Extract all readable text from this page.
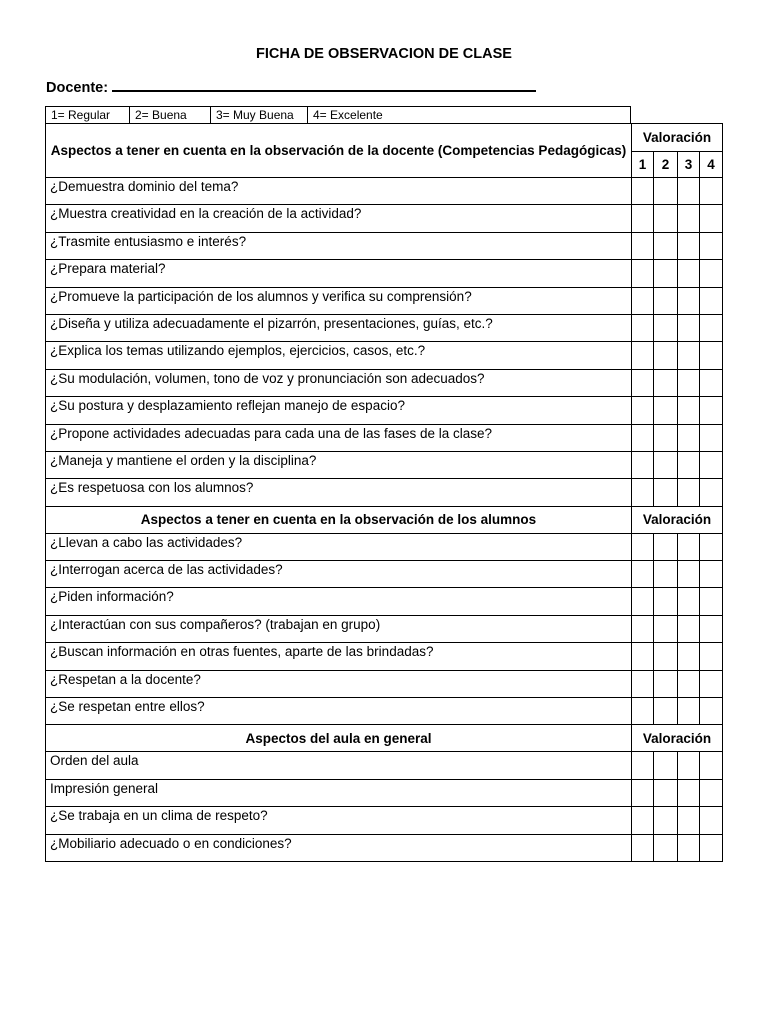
FICHA DE OBSERVACION DE CLASE
Docente:
1= Regular	2= Buena	3= Muy Buena	4= Excelente
Aspectos a tener en cuenta en la observación de la docente (Competencias Pedagógicas)	Valoración			
	1	2	3	4
¿Demuestra dominio del tema?				
¿Muestra creatividad en la creación de la actividad?				
¿Trasmite entusiasmo e interés?				
¿Prepara material?				
¿Promueve la participación de los alumnos y verifica su comprensión?				
¿Diseña y utiliza adecuadamente el pizarrón, presentaciones, guías, etc.?				
¿Explica los temas utilizando ejemplos, ejercicios, casos, etc.?				
¿Su modulación, volumen, tono de voz y pronunciación son adecuados?				
¿Su postura y desplazamiento reflejan manejo de espacio?				
¿Propone actividades adecuadas para cada una de las fases de la clase?				
¿Maneja y mantiene el orden y la disciplina?				
¿Es respetuosa con los alumnos?				
Aspectos a tener en cuenta en la observación de los alumnos	Valoración			
¿Llevan a cabo las actividades?				
¿Interrogan acerca de las actividades?				
¿Piden información?				
¿Interactúan con sus compañeros? (trabajan en grupo)				
¿Buscan información en otras fuentes, aparte de las brindadas?				
¿Respetan a la docente?				
¿Se respetan entre ellos?				
Aspectos del aula en general	Valoración			
Orden del aula				
Impresión general				
¿Se trabaja en un clima de respeto?				
¿Mobiliario adecuado o en condiciones?				
